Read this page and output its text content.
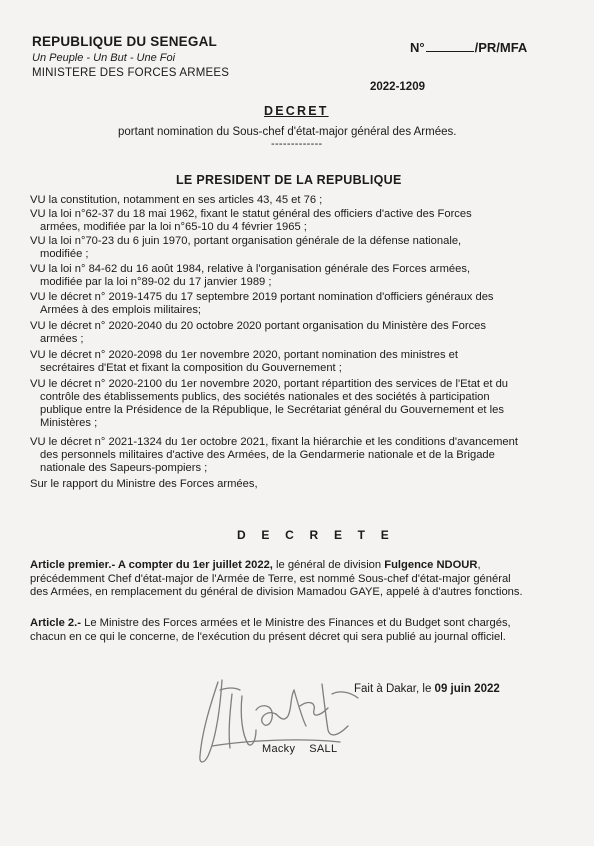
REPUBLIQUE DU SENEGAL
Un Peuple - Un But - Une Foi
MINISTERE DES FORCES ARMEES
N°	/PR/MFA
2022-1209
DECRET
portant nomination du Sous-chef d'état-major général des Armées.
-------------
LE PRESIDENT DE LA REPUBLIQUE
VU la constitution, notamment en ses articles 43, 45 et 76 ;
VU la loi n°62-37 du 18 mai 1962, fixant le statut général des officiers d'active des Forces
armées, modifiée par la loi n°65-10 du 4 février 1965 ;
VU la loi n°70-23 du 6 juin 1970, portant organisation générale de la défense nationale,
modifiée ;
VU la loi n° 84-62 du 16 août 1984, relative à l'organisation générale des Forces armées,
modifiée par la loi n°89-02 du 17 janvier 1989 ;
VU le décret n° 2019-1475 du 17 septembre 2019 portant nomination d'officiers généraux des
Armées à des emplois militaires;
VU le décret n° 2020-2040 du 20 octobre 2020 portant organisation du Ministère des Forces
armées ;
VU le décret n° 2020-2098 du 1er novembre 2020, portant nomination des ministres et
secrétaires d'Etat et fixant la composition du Gouvernement ;
VU le décret n° 2020-2100 du 1er novembre 2020, portant répartition des services de l'Etat et du
contrôle des établissements publics, des sociétés nationales et des sociétés à participation
publique entre la Présidence de la République, le Secrétariat général du Gouvernement et les
Ministères ;
VU le décret n° 2021-1324 du 1er octobre 2021, fixant la hiérarchie et les conditions d'avancement
des personnels militaires d'active des Armées, de la Gendarmerie nationale et de la Brigade
nationale des Sapeurs-pompiers ;
Sur le rapport du Ministre des Forces armées,
D E C R E T E
Article premier.- A compter du 1er juillet 2022, le général de division Fulgence NDOUR,
précédemment Chef d'état-major de l'Armée de Terre, est nommé Sous-chef d'état-major général
des Armées, en remplacement du général de division Mamadou GAYE, appelé à d'autres fonctions.
Article 2.- Le Ministre des Forces armées et le Ministre des Finances et du Budget sont chargés,
chacun en ce qui le concerne, de l'exécution du présent décret qui sera publié au journal officiel.
Fait à Dakar, le 09 juin 2022
Macky SALL
